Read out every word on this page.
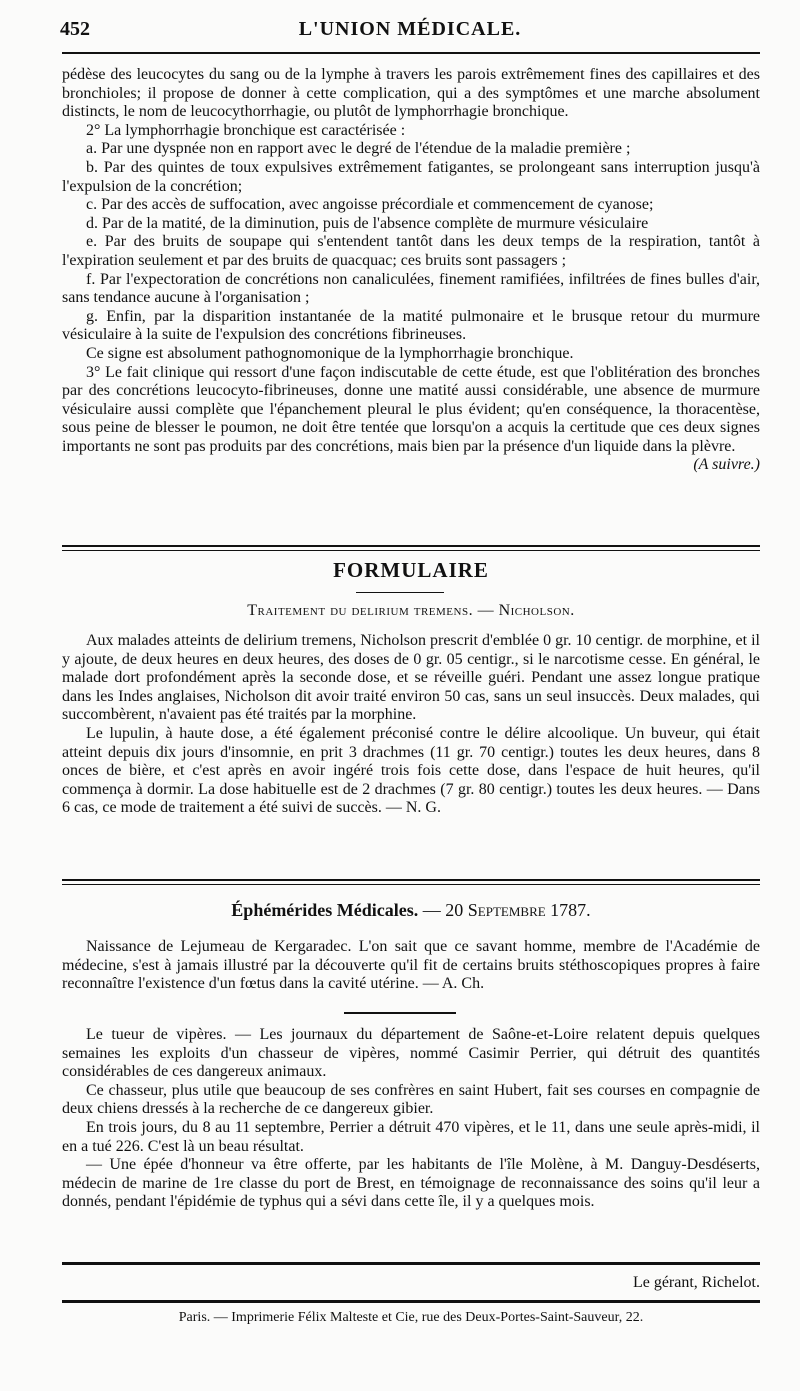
452	L'UNION MÉDICALE.

pédèse des leucocytes du sang ou de la lymphe à travers les parois extrêmement fines des capillaires et des bronchioles; il propose de donner à cette complication, qui a des symptômes et une marche absolument distincts, le nom de leucocythorrhagie, ou plutôt de lymphorrhagie bronchique.

2° La lymphorrhagie bronchique est caractérisée :

a. Par une dyspnée non en rapport avec le degré de l'étendue de la maladie première ;

b. Par des quintes de toux expulsives extrêmement fatigantes, se prolongeant sans interruption jusqu'à l'expulsion de la concrétion;

c. Par des accès de suffocation, avec angoisse précordiale et commencement de cyanose;

d. Par de la matité, de la diminution, puis de l'absence complète de murmure vésiculaire

e. Par des bruits de soupape qui s'entendent tantôt dans les deux temps de la respiration, tantôt à l'expiration seulement et par des bruits de quacquac; ces bruits sont passagers ;

f. Par l'expectoration de concrétions non canaliculées, finement ramifiées, infiltrées de fines bulles d'air, sans tendance aucune à l'organisation ;

g. Enfin, par la disparition instantanée de la matité pulmonaire et le brusque retour du murmure vésiculaire à la suite de l'expulsion des concrétions fibrineuses.

Ce signe est absolument pathognomonique de la lymphorrhagie bronchique.

3° Le fait clinique qui ressort d'une façon indiscutable de cette étude, est que l'oblitération des bronches par des concrétions leucocyto-fibrineuses, donne une matité aussi considérable, une absence de murmure vésiculaire aussi complète que l'épanchement pleural le plus évident; qu'en conséquence, la thoracentèse, sous peine de blesser le poumon, ne doit être tentée que lorsqu'on a acquis la certitude que ces deux signes importants ne sont pas produits par des concrétions, mais bien par la présence d'un liquide dans la plèvre.

(A suivre.)

FORMULAIRE
Traitement du delirium tremens. — Nicholson.

Aux malades atteints de delirium tremens, Nicholson prescrit d'emblée 0 gr. 10 centigr. de morphine, et il y ajoute, de deux heures en deux heures, des doses de 0 gr. 05 centigr., si le narcotisme cesse. En général, le malade dort profondément après la seconde dose, et se réveille guéri. Pendant une assez longue pratique dans les Indes anglaises, Nicholson dit avoir traité environ 50 cas, sans un seul insuccès. Deux malades, qui succombèrent, n'avaient pas été traités par la morphine.

Le lupulin, à haute dose, a été également préconisé contre le délire alcoolique. Un buveur, qui était atteint depuis dix jours d'insomnie, en prit 3 drachmes (11 gr. 70 centigr.) toutes les deux heures, dans 8 onces de bière, et c'est après en avoir ingéré trois fois cette dose, dans l'espace de huit heures, qu'il commença à dormir. La dose habituelle est de 2 drachmes (7 gr. 80 centigr.) toutes les deux heures. — Dans 6 cas, ce mode de traitement a été suivi de succès. — N. G.

Éphémérides Médicales. — 20 Septembre 1787.

Naissance de Lejumeau de Kergaradec. L'on sait que ce savant homme, membre de l'Académie de médecine, s'est à jamais illustré par la découverte qu'il fit de certains bruits stéthoscopiques propres à faire reconnaître l'existence d'un fœtus dans la cavité utérine. — A. Ch.

Le tueur de vipères. — Les journaux du département de Saône-et-Loire relatent depuis quelques semaines les exploits d'un chasseur de vipères, nommé Casimir Perrier, qui détruit des quantités considérables de ces dangereux animaux.

Ce chasseur, plus utile que beaucoup de ses confrères en saint Hubert, fait ses courses en compagnie de deux chiens dressés à la recherche de ce dangereux gibier.

En trois jours, du 8 au 11 septembre, Perrier a détruit 470 vipères, et le 11, dans une seule après-midi, il en a tué 226. C'est là un beau résultat.

— Une épée d'honneur va être offerte, par les habitants de l'île Molène, à M. Danguy-Desdéserts, médecin de marine de 1re classe du port de Brest, en témoignage de reconnaissance des soins qu'il leur a donnés, pendant l'épidémie de typhus qui a sévi dans cette île, il y a quelques mois.

Le gérant, Richelot.

Paris. — Imprimerie Félix Malteste et Cie, rue des Deux-Portes-Saint-Sauveur, 22.
